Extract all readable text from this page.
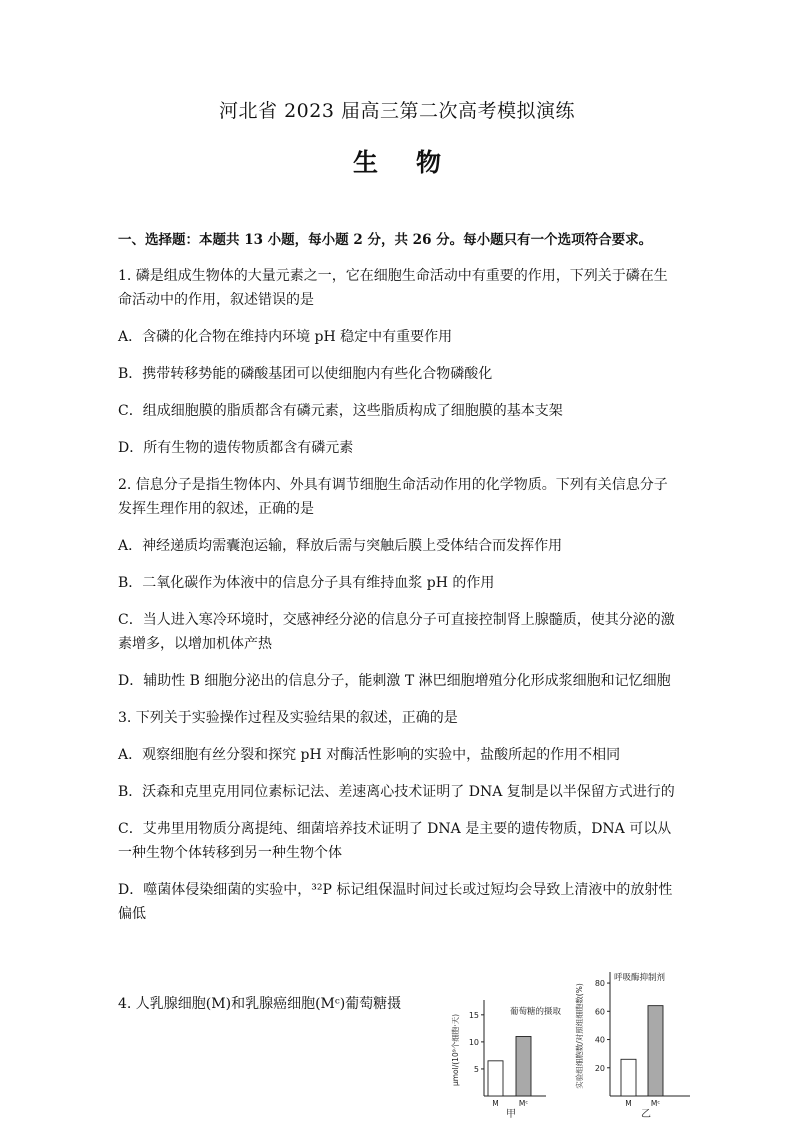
河北省 2023 届高三第二次高考模拟演练
生物
一、选择题：本题共 13 小题，每小题 2 分，共 26 分。每小题只有一个选项符合要求。

1. 磷是组成生物体的大量元素之一，它在细胞生命活动中有重要的作用，下列关于磷在生命活动中的作用，叙述错误的是

A．含磷的化合物在维持内环境 pH 稳定中有重要作用

B．携带转移势能的磷酸基团可以使细胞内有些化合物磷酸化

C．组成细胞膜的脂质都含有磷元素，这些脂质构成了细胞膜的基本支架

D．所有生物的遗传物质都含有磷元素

2. 信息分子是指生物体内、外具有调节细胞生命活动作用的化学物质。下列有关信息分子发挥生理作用的叙述，正确的是

A．神经递质均需囊泡运输，释放后需与突触后膜上受体结合而发挥作用

B．二氧化碳作为体液中的信息分子具有维持血浆 pH 的作用

C．当人进入寒冷环境时，交感神经分泌的信息分子可直接控制肾上腺髓质，使其分泌的激素增多，以增加机体产热

D．辅助性 B 细胞分泌出的信息分子，能刺激 T 淋巴细胞增殖分化形成浆细胞和记忆细胞

3. 下列关于实验操作过程及实验结果的叙述，正确的是

A．观察细胞有丝分裂和探究 pH 对酶活性影响的实验中，盐酸所起的作用不相同

B．沃森和克里克用同位素标记法、差速离心技术证明了 DNA 复制是以半保留方式进行的

C．艾弗里用物质分离提纯、细菌培养技术证明了 DNA 是主要的遗传物质，DNA 可以从一种生物个体转移到另一种生物个体

D．噬菌体侵染细菌的实验中，³²P 标记组保温时间过长或过短均会导致上清液中的放射性偏低

4. 人乳腺细胞(M)和乳腺癌细胞(Mᶜ)葡萄糖摄
5
10
15
M	Mᶜ
葡萄糖的摄取
μmol/(10⁹个细胞·天)
甲
20
40
60
80
M	Mᶜ
呼吸酶抑制剂
实验组细胞数/对照组细胞数(%)
乙
